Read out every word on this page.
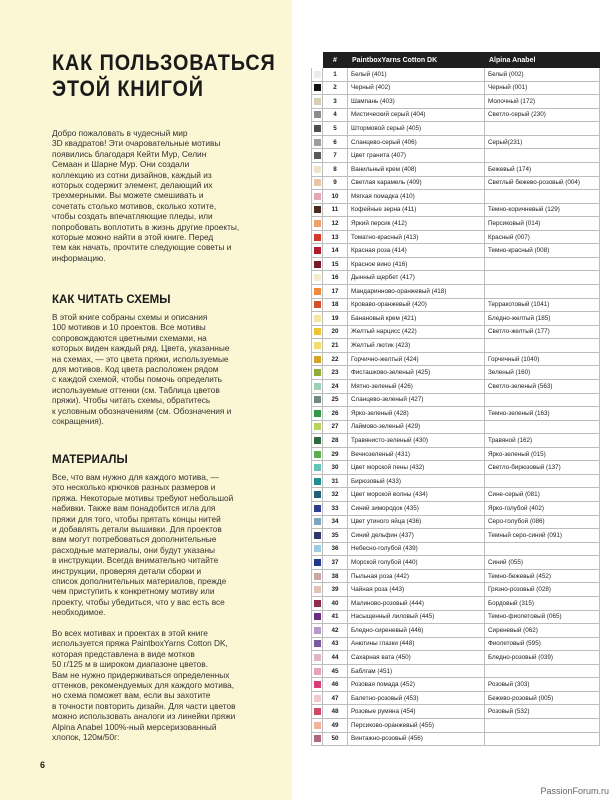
КАК ПОЛЬЗОВАТЬСЯ
ЭТОЙ КНИГОЙ
Добро пожаловать в чудесный мир
3D квадратов! Эти очаровательные мотивы
появились благодаря Кейти Мур, Селин
Семаан и Шарне Мур. Они создали
коллекцию из сотни дизайнов, каждый из
которых содержит элемент, делающий их
трехмерными. Вы можете смешивать и
сочетать столько мотивов, сколько хотите,
чтобы создать впечатляющие пледы, или
попробовать воплотить в жизнь другие проекты,
которые можно найти в этой книге. Перед
тем как начать, прочтите следующие советы и
информацию.
КАК ЧИТАТЬ СХЕМЫ
В этой книге собраны схемы и описания
100 мотивов и 10 проектов. Все мотивы
сопровождаются цветными схемами, на
которых виден каждый ряд. Цвета, указанные
на схемах, — это цвета пряжи, используемые
для мотивов. Код цвета расположен рядом
с каждой схемой, чтобы помочь определить
используемые оттенки (см. Таблица цветов
пряжи). Чтобы читать схемы, обратитесь
к условным обозначениям (см. Обозначения и
сокращения).
МАТЕРИАЛЫ
Все, что вам нужно для каждого мотива, —
это несколько крючков разных размеров и
пряжа. Некоторые мотивы требуют небольшой
набивки. Также вам понадобится игла для
пряжи для того, чтобы прятать концы нитей
и добавлять детали вышивки. Для проектов
вам могут потребоваться дополнительные
расходные материалы, они будут указаны
в инструкции. Всегда внимательно читайте
инструкции, проверяя детали сборки и
список дополнительных материалов, прежде
чем приступить к конкретному мотиву или
проекту, чтобы убедиться, что у вас есть все
необходимое.
Во всех мотивах и проектах в этой книге
используется пряжа PaintboxYarns Cotton DK,
которая представлена в виде мотков
50 г/125 м в широком диапазоне цветов.
Вам не нужно придерживаться определенных
оттенков, рекомендуемых для каждого мотива,
но схема поможет вам, если вы захотите
в точности повторить дизайн. Для части цветов
можно использовать аналоги из линейки пряжи
Alpina Anabel 100%-ный мерсеризованный
хлопок, 120м/50г:
6
PassionForum.ru
	#	PaintboxYarns Cotton DK	Alpina Anabel

	1	Белый (401)	Белый (002)

	2	Черный (402)	Черный (001)

	3	Шампань (403)	Молочный (172)

	4	Мистический серый (404)	Светло-серый (230)

	5	Штормовой серый (405)	

	6	Сланцево-серый (406)	Серый(231)

	7	Цвет гранита (407)	

	8	Ванильный крем (408)	Бежевый (174)

	9	Светлая карамель (409)	Светлый бежево-розовый (004)

	10	Мягкая помадка (410)	

	11	Кофейные зерна (411)	Темно-коричневый (129)

	12	Яркий персик (412)	Персиковый (014)

	13	Томатно-красный (413)	Красный (007)

	14	Красная роза (414)	Темно-красный (008)

	15	Красное вино (416)	

	16	Дынный щербет (417)	

	17	Мандаринново-оранжевый (418)	

	18	Кроваво-оранжевый (420)	Терракотовый (1041)

	19	Банановый крем (421)	Бледно-желтый (185)

	20	Желтый нарцисс (422)	Светло-желтый (177)

	21	Желтый лютик (423)	

	22	Горчично-желтый (424)	Горчичный (1040)

	23	Фисташково-зеленый (425)	Зеленый (160)

	24	Мятно-зеленый (426)	Светло-зеленый (563)

	25	Сланцево-зеленый (427)	

	26	Ярко-зеленый (428)	Темно-зеленый (163)

	27	Лаймово-зеленый (429)	

	28	Травянисто-зеленый (430)	Травяной (162)

	29	Вечнозеленый (431)	Ярко-зеленый (015)

	30	Цвет морской пены (432)	Светло-бирюзовый (137)

	31	Бирюзовый (433)	

	32	Цвет морской волны (434)	Сине-серый (081)

	33	Синий зимородок (435)	Ярко-голубой (402)

	34	Цвет утиного яйца (436)	Серо-голубой (086)

	35	Синий дельфин (437)	Темный серо-синий (091)

	36	Небесно-голубой (439)	

	37	Морской голубой (440)	Синий (055)

	38	Пыльная роза (442)	Темно-бежевый (452)

	39	Чайная роза (443)	Грязно-розовый (028)

	40	Малиново-розовый (444)	Бордовый (315)

	41	Насыщенный лиловый (445)	Темно-фиолетовый (065)

	42	Бледно-сиреневый (446)	Сиреневый (062)

	43	Анютины глазки (448)	Фиолетовый (595)

	44	Сахарная вата (450)	Бледно-розовый (039)

	45	Баблгам (451)	

	46	Розовая помада (452)	Розовый (303)

	47	Балетно-розовый (453)	Бежево-розовый (005)

	48	Розовые румяна (454)	Розовый (532)

	49	Персиково-оранжевый (455)	

	50	Винтажно-розовый (456)	
